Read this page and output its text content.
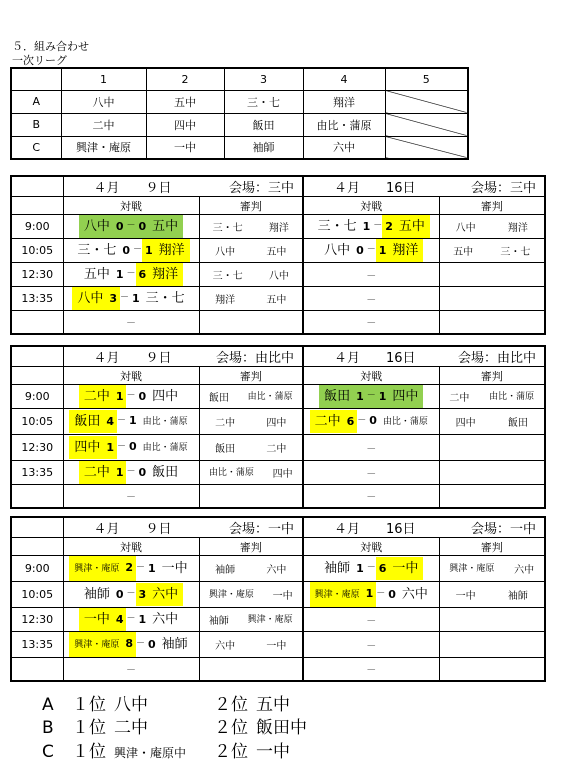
５．組み合わせ
一次リーグ
	1	2	3	4	5
A	八中	五中	三・七	翔洋	
B	二中	四中	飯田	由比・蒲原	
C	興津・庵原	一中	袖師	六中	

	４月　　９日 会場：三中		４月　　16日 会場：三中	

	対戦	審判	対戦	審判
9:00	八中 0 － 0 五中	三・七 翔洋	三・七 1 － 2 五中	八中 翔洋

10:05	三・七 0 － 1 翔洋	八中 五中	八中 0 － 1 翔洋	五中 三・七

12:30	五中 1 － 6 翔洋	三・七 八中	－	
13:35	八中 3 － 1 三・七	翔洋 五中	－	
	－		－	

	４月　　９日 会場：由比中		４月　　16日 会場：由比中	

	対戦	審判	対戦	審判
9:00	二中 1 － 0 四中	飯田 由比・蒲原	飯田 1 － 1 四中	二中 由比・蒲原

10:05	飯田 4 － 1 由比・蒲原	二中 四中	二中 6 － 0 由比・蒲原	四中 飯田

12:30	四中 1 － 0 由比・蒲原	飯田 二中	－	
13:35	二中 1 － 0 飯田	由比・蒲原 四中	－	
	－		－	

	４月　　９日 会場：一中		４月　　16日 会場：一中	

	対戦	審判	対戦	審判
9:00	興津・庵原 2 － 1 一中	袖師 六中	袖師 1 － 6 一中	興津・庵原 六中

10:05	袖師 0 － 3 六中	興津・庵原 一中	興津・庵原 1 － 0 六中	一中 袖師

12:30	一中 4 － 1 六中	袖師 興津・庵原	－	
13:35	興津・庵原 8 － 0 袖師	六中 一中	－	
	－		－	
A １位 八中	２位 五中
B １位 二中	２位 飯田中
C １位 興津・庵原中 ２位 一中
